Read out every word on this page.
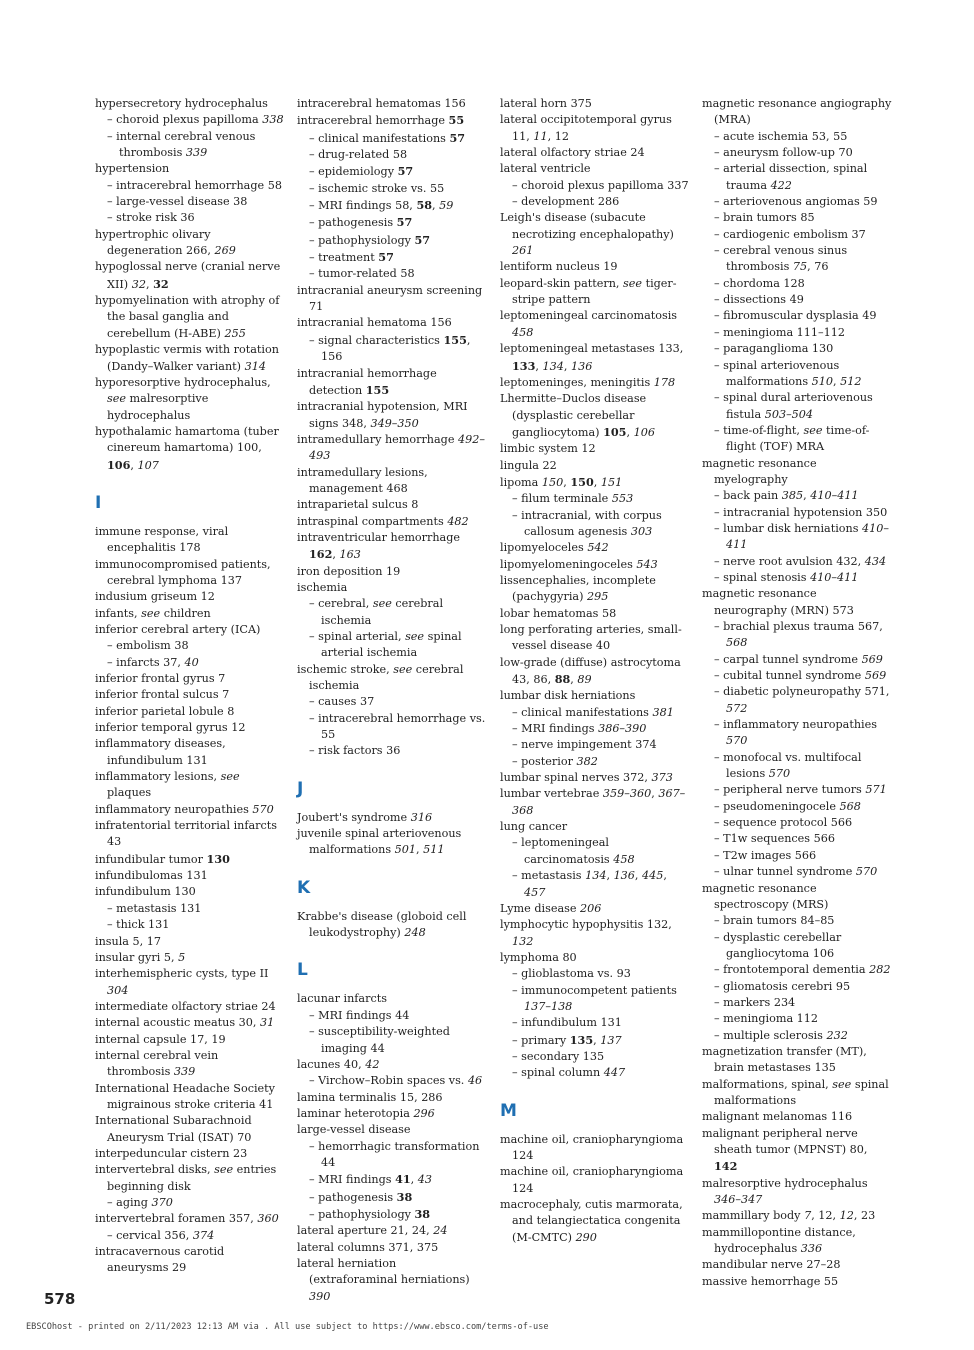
hypersecretory hydrocephalus
– choroid plexus papilloma 338
– internal cerebral venous thrombosis 339
hypertension
– intracerebral hemorrhage 58
– large-vessel disease 38
– stroke risk 36
hypertrophic olivary degeneration 266, 269
hypoglossal nerve (cranial nerve XII) 32, 32
hypomyelination with atrophy of the basal ganglia and cerebellum (H-ABE) 255
hypoplastic vermis with rotation (Dandy–Walker variant) 314
hyporesorptive hydrocephalus, see malresorptive hydrocephalus
hypothalamic hamartoma (tuber cinereum hamartoma) 100, 106, 107
I
immune response, viral encephalitis 178
immunocompromised patients, cerebral lymphoma 137
indusium griseum 12
infants, see children
inferior cerebral artery (ICA)
– embolism 38
– infarcts 37, 40
inferior frontal gyrus 7
inferior frontal sulcus 7
inferior parietal lobule 8
inferior temporal gyrus 12
inflammatory diseases, infundibulum 131
inflammatory lesions, see plaques
inflammatory neuropathies 570
infratentorial territorial infarcts 43
infundibular tumor 130
infundibulomas 131
infundibulum 130
– metastasis 131
– thick 131
insula 5, 17
insular gyri 5, 5
interhemispheric cysts, type II 304
intermediate olfactory striae 24
internal acoustic meatus 30, 31
internal capsule 17, 19
internal cerebral vein thrombosis 339
International Headache Society migrainous stroke criteria 41
International Subarachnoid Aneurysm Trial (ISAT) 70
interpeduncular cistern 23
intervertebral disks, see entries beginning disk
– aging 370
intervertebral foramen 357, 360
– cervical 356, 374
intracavernous carotid aneurysms 29
intracerebral hematomas 156
intracerebral hemorrhage 55
– clinical manifestations 57
– drug-related 58
– epidemiology 57
– ischemic stroke vs. 55
– MRI findings 58, 58, 59
– pathogenesis 57
– pathophysiology 57
– treatment 57
– tumor-related 58
intracranial aneurysm screening 71
intracranial hematoma 156
– signal characteristics 155, 156
intracranial hemorrhage detection 155
intracranial hypotension, MRI signs 348, 349–350
intramedullary hemorrhage 492–493
intramedullary lesions, management 468
intraparietal sulcus 8
intraspinal compartments 482
intraventricular hemorrhage 162, 163
iron deposition 19
ischemia
– cerebral, see cerebral ischemia
– spinal arterial, see spinal arterial ischemia
ischemic stroke, see cerebral ischemia
– causes 37
– intracerebral hemorrhage vs. 55
– risk factors 36
J
Joubert's syndrome 316
juvenile spinal arteriovenous malformations 501, 511
K
Krabbe's disease (globoid cell leukodystrophy) 248
L
lacunar infarcts
– MRI findings 44
– susceptibility-weighted imaging 44
lacunes 40, 42
– Virchow–Robin spaces vs. 46
lamina terminalis 15, 286
laminar heterotopia 296
large-vessel disease
– hemorrhagic transformation 44
– MRI findings 41, 43
– pathogenesis 38
– pathophysiology 38
lateral aperture 21, 24, 24
lateral columns 371, 375
lateral herniation (extraforaminal herniations) 390
lateral horn 375
lateral occipitotemporal gyrus 11, 11, 12
lateral olfactory striae 24
lateral ventricle
– choroid plexus papilloma 337
– development 286
Leigh's disease (subacute necrotizing encephalopathy) 261
lentiform nucleus 19
leopard-skin pattern, see tiger-stripe pattern
leptomeningeal carcinomatosis 458
leptomeningeal metastases 133, 133, 134, 136
leptomeninges, meningitis 178
Lhermitte–Duclos disease (dysplastic cerebellar gangliocytoma) 105, 106
limbic system 12
lingula 22
lipoma 150, 150, 151
– filum terminale 553
– intracranial, with corpus callosum agenesis 303
lipomyeloceles 542
lipomyelomeningoceles 543
lissencephalies, incomplete (pachygyria) 295
lobar hematomas 58
long perforating arteries, small-vessel disease 40
low-grade (diffuse) astrocytoma 43, 86, 88, 89
lumbar disk herniations
– clinical manifestations 381
– MRI findings 386–390
– nerve impingement 374
– posterior 382
lumbar spinal nerves 372, 373
lumbar vertebrae 359–360, 367–368
lung cancer
– leptomeningeal carcinomatosis 458
– metastasis 134, 136, 445, 457
Lyme disease 206
lymphocytic hypophysitis 132, 132
lymphoma 80
– glioblastoma vs. 93
– immunocompetent patients 137–138
– infundibulum 131
– primary 135, 137
– secondary 135
– spinal column 447
M
machine oil, craniopharyngioma 124
machine oil, craniopharyngioma 124
macrocephaly, cutis marmorata, and telangiectatica congenita (M-CMTC) 290
magnetic resonance angiography (MRA)
– acute ischemia 53, 55
– aneurysm follow-up 70
– arterial dissection, spinal trauma 422
– arteriovenous angiomas 59
– brain tumors 85
– cardiogenic embolism 37
– cerebral venous sinus thrombosis 75, 76
– chordoma 128
– dissections 49
– fibromuscular dysplasia 49
– meningioma 111–112
– paraganglioma 130
– spinal arteriovenous malformations 510, 512
– spinal dural arteriovenous fistula 503–504
– time-of-flight, see time-of-flight (TOF) MRA
magnetic resonance myelography
– back pain 385, 410–411
– intracranial hypotension 350
– lumbar disk herniations 410–411
– nerve root avulsion 432, 434
– spinal stenosis 410–411
magnetic resonance neurography (MRN) 573
– brachial plexus trauma 567, 568
– carpal tunnel syndrome 569
– cubital tunnel syndrome 569
– diabetic polyneuropathy 571, 572
– inflammatory neuropathies 570
– monofocal vs. multifocal lesions 570
– peripheral nerve tumors 571
– pseudomeningocele 568
– sequence protocol 566
– T1w sequences 566
– T2w images 566
– ulnar tunnel syndrome 570
magnetic resonance spectroscopy (MRS)
– brain tumors 84–85
– dysplastic cerebellar gangliocytoma 106
– frontotemporal dementia 282
– gliomatosis cerebri 95
– markers 234
– meningioma 112
– multiple sclerosis 232
magnetization transfer (MT), brain metastases 135
malformations, spinal, see spinal malformations
malignant melanomas 116
malignant peripheral nerve sheath tumor (MPNST) 80, 142
malresorptive hydrocephalus 346–347
mammillary body 7, 12, 12, 23
mammillopontine distance, hydrocephalus 336
mandibular nerve 27–28
massive hemorrhage 55
578
EBSCOhost - printed on 2/11/2023 12:13 AM via . All use subject to https://www.ebsco.com/terms-of-use
